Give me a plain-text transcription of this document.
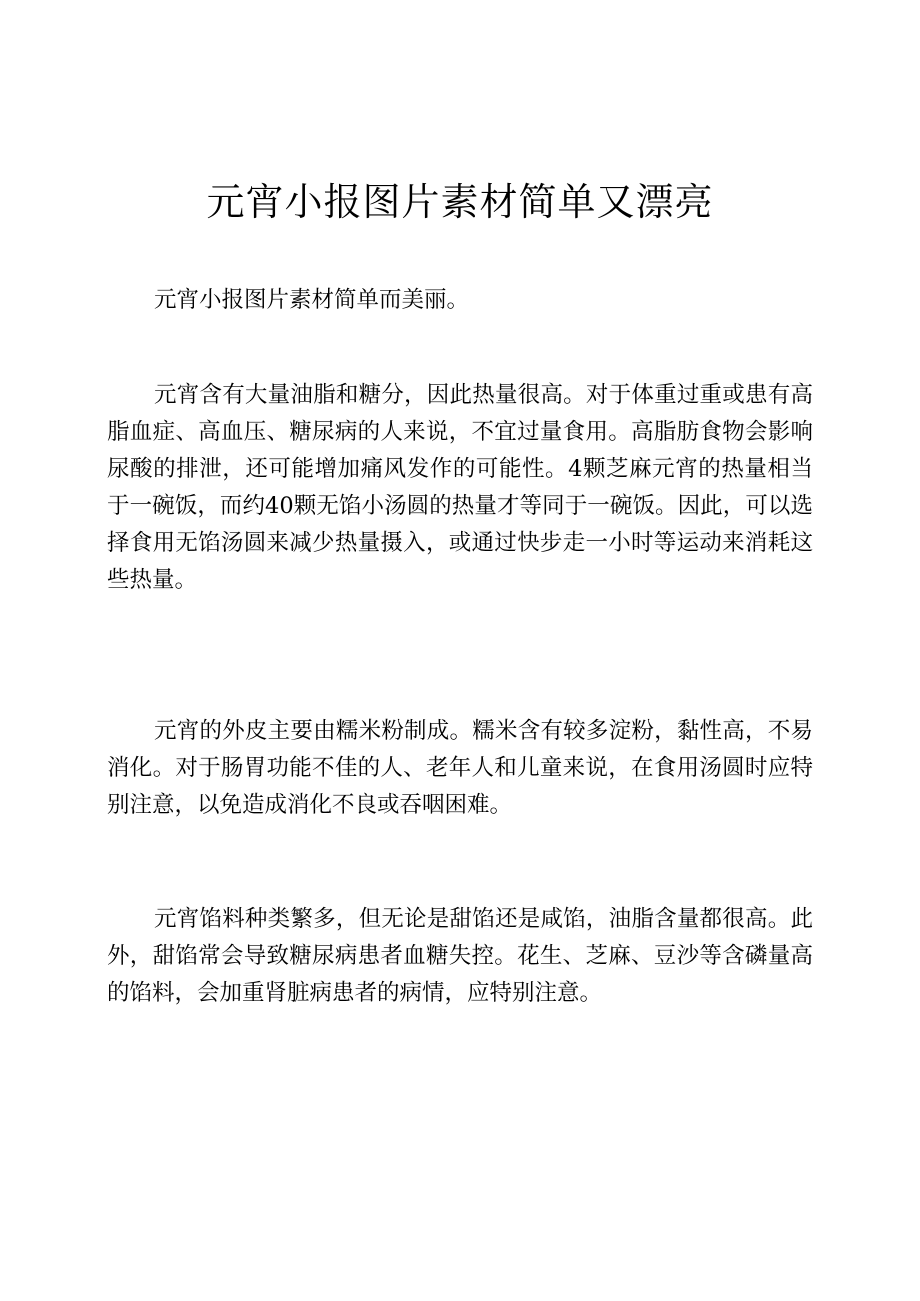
元宵小报图片素材简单又漂亮

元宵小报图片素材简单而美丽。

元宵含有大量油脂和糖分，因此热量很高。对于体重过重或患有高脂血症、高血压、糖尿病的人来说，不宜过量食用。高脂肪食物会影响尿酸的排泄，还可能增加痛风发作的可能性。4颗芝麻元宵的热量相当于一碗饭，而约40颗无馅小汤圆的热量才等同于一碗饭。因此，可以选择食用无馅汤圆来减少热量摄入，或通过快步走一小时等运动来消耗这些热量。

元宵的外皮主要由糯米粉制成。糯米含有较多淀粉，黏性高，不易消化。对于肠胃功能不佳的人、老年人和儿童来说，在食用汤圆时应特别注意，以免造成消化不良或吞咽困难。

元宵馅料种类繁多，但无论是甜馅还是咸馅，油脂含量都很高。此外，甜馅常会导致糖尿病患者血糖失控。花生、芝麻、豆沙等含磷量高的馅料，会加重肾脏病患者的病情，应特别注意。
